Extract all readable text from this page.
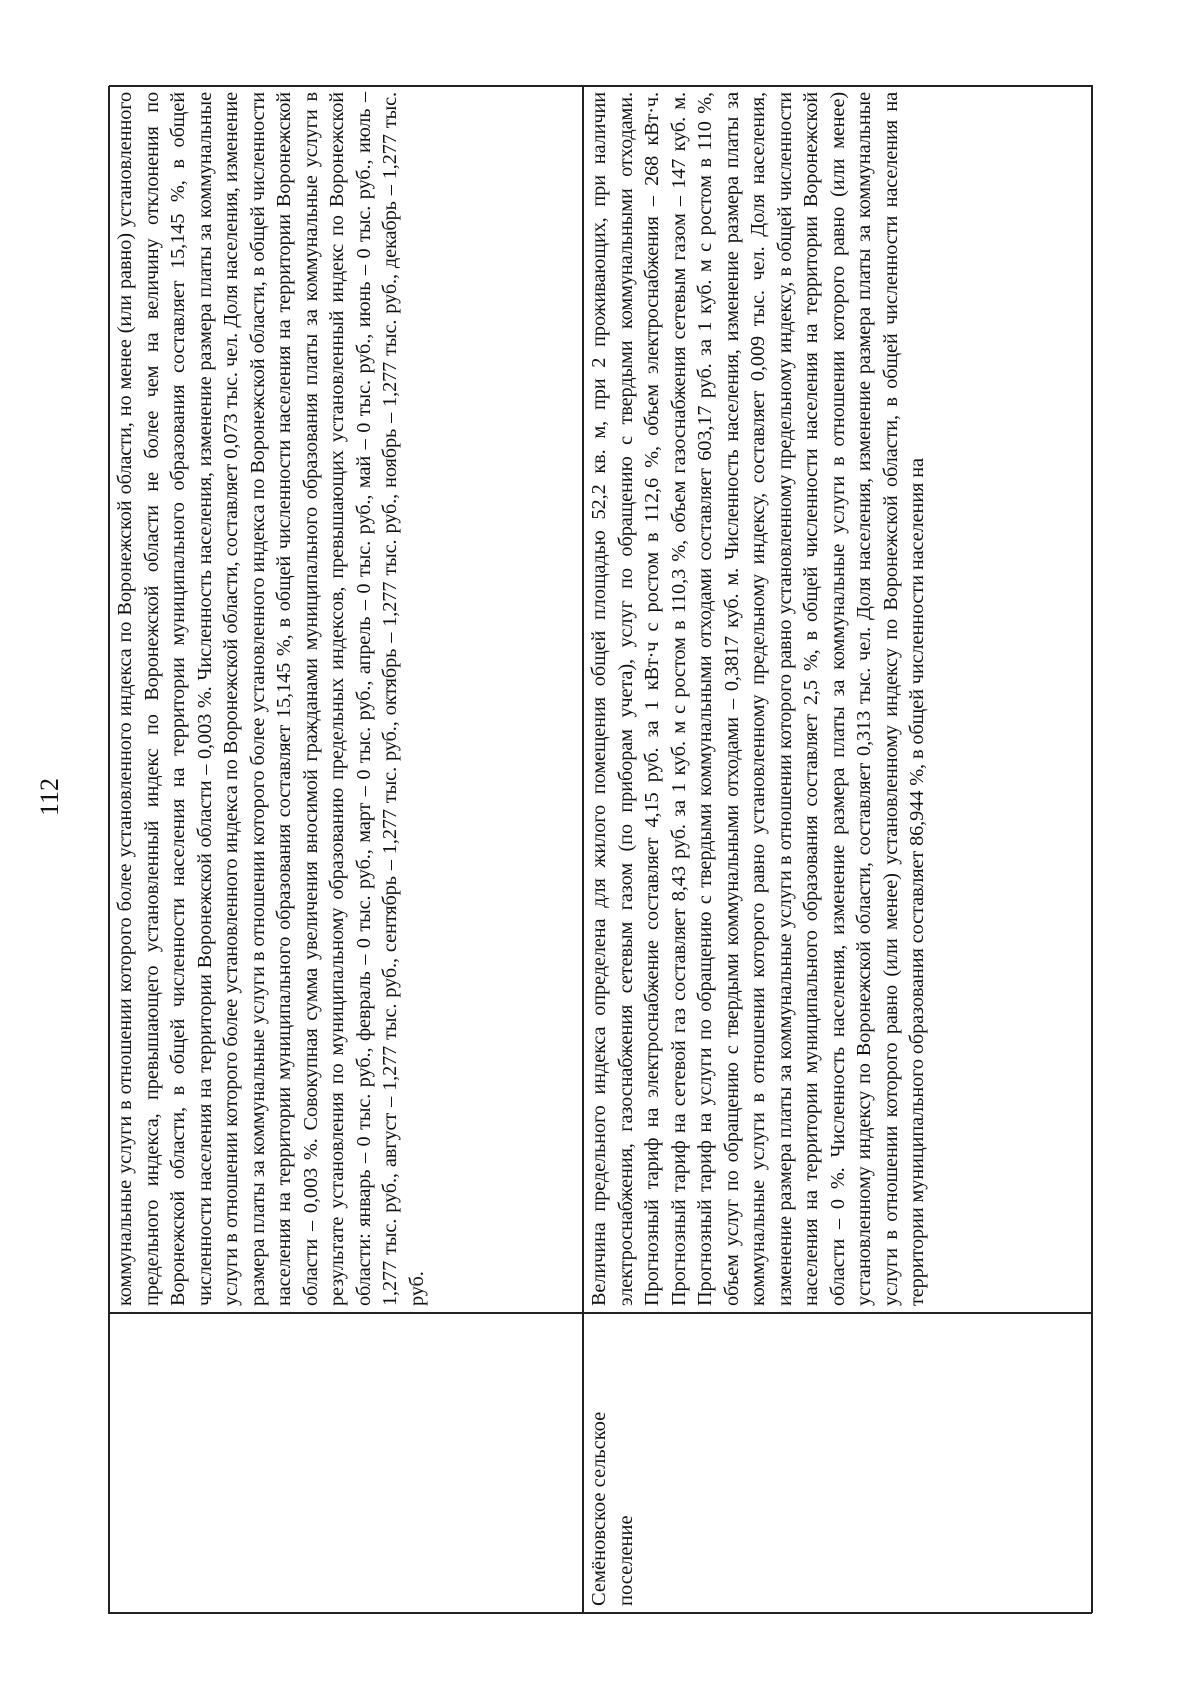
112 коммунальные услуги в отношении которого более установленного индекса по Воронежской области, но менее (или равно) установленного предельного индекса, превышающего установленный индекс по Воронежской области не более чем на величину отклонения по Воронежской области, в общей численности населения на территории муниципального образования составляет 15,145 %, в общей численности населения на территории Воронежской области – 0,003 %. Численность населения, изменение размера платы за коммунальные услуги в отношении которого более установленного индекса по Воронежской области, составляет 0,073 тыс. чел. Доля населения, изменение размера платы за коммунальные услуги в отношении которого более установленного индекса по Воронежской области, в общей численности населения на территории муниципального образования составляет 15,145 %, в общей численности населения на территории Воронежской области – 0,003 %. Совокупная сумма увеличения вносимой гражданами муниципального образования платы за коммунальные услуги в результате установления по муниципальному образованию предельных индексов, превышающих установленный индекс по Воронежской области: январь – 0 тыс. руб., февраль – 0 тыс. руб., март – 0 тыс. руб., апрель – 0 тыс. руб., май – 0 тыс. руб., июнь – 0 тыс. руб., июль – 1,277 тыс. руб., август – 1,277 тыс. руб., сентябрь – 1,277 тыс. руб., октябрь – 1,277 тыс. руб., ноябрь – 1,277 тыс. руб., декабрь – 1,277 тыс. руб.
Семёновское сельское поселение
Величина предельного индекса определена для жилого помещения общей площадью 52,2 кв. м, при 2 проживающих, при наличии электроснабжения, газоснабжения сетевым газом (по приборам учета), услуг по обращению с твердыми коммунальными отходами. Прогнозный тариф на электроснабжение составляет 4,15 руб. за 1 кВт·ч с ростом в 112,6 %, объем электроснабжения – 268 кВт·ч. Прогнозный тариф на сетевой газ составляет 8,43 руб. за 1 куб. м с ростом в 110,3 %, объем газоснабжения сетевым газом – 147 куб. м. Прогнозный тариф на услуги по обращению с твердыми коммунальными отходами составляет 603,17 руб. за 1 куб. м с ростом в 110 %, объем услуг по обращению с твердыми коммунальными отходами – 0,3817 куб. м. Численность населения, изменение размера платы за коммунальные услуги в отношении которого равно установленному предельному индексу, составляет 0,009 тыс. чел. Доля населения, изменение размера платы за коммунальные услуги в отношении которого равно установленному предельному индексу, в общей численности населения на территории муниципального образования составляет 2,5 %, в общей численности населения на территории Воронежской области – 0 %. Численность населения, изменение размера платы за коммунальные услуги в отношении которого равно (или менее) установленному индексу по Воронежской области, составляет 0,313 тыс. чел. Доля населения, изменение размера платы за коммунальные услуги в отношении которого равно (или менее) установленному индексу по Воронежской области, в общей численности населения на территории муниципального образования составляет 86,944 %, в общей численности населения на
